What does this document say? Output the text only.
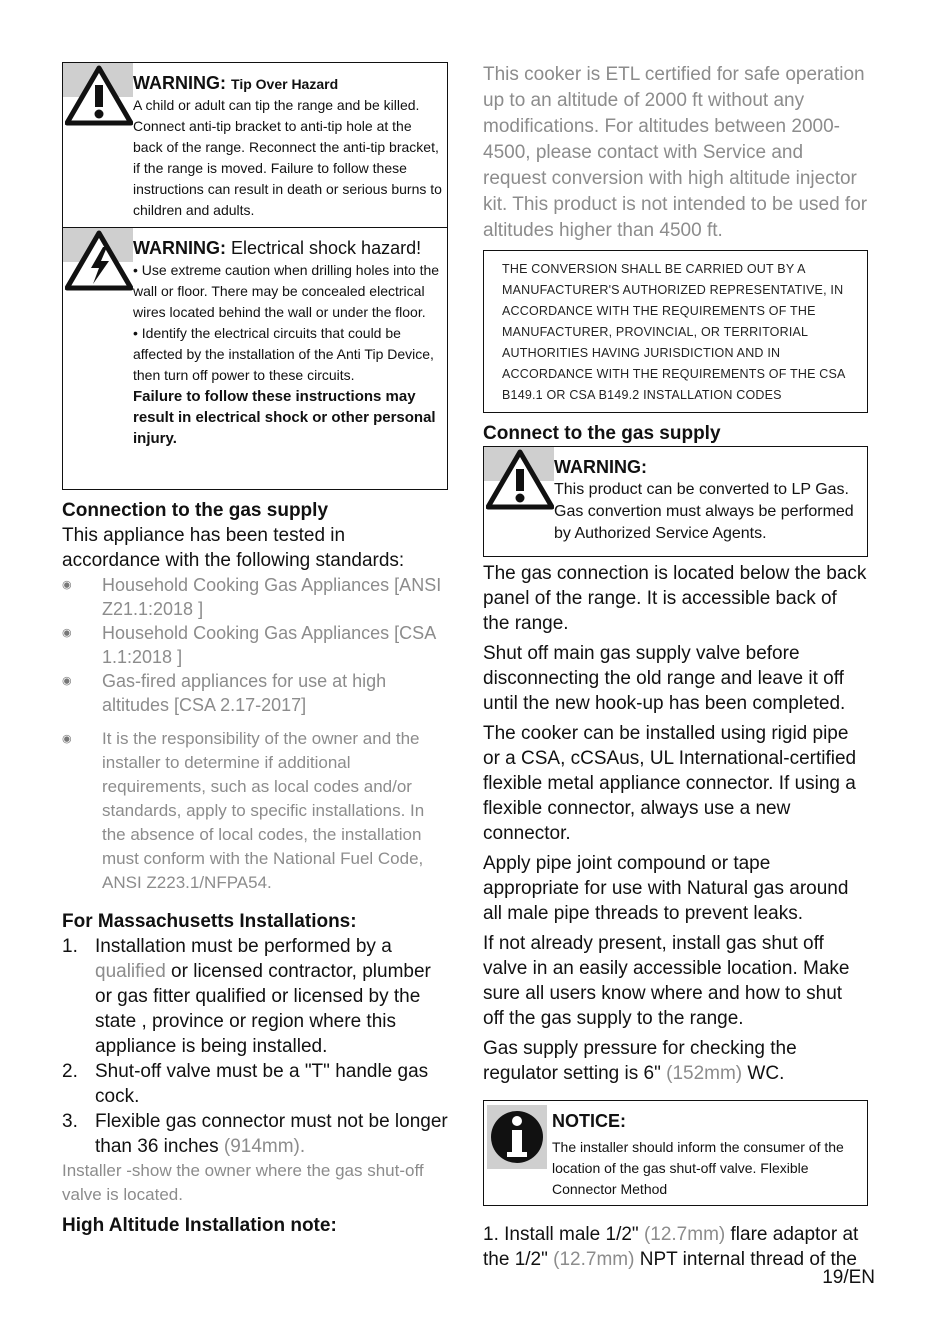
WARNING: Tip Over Hazard

A child or adult can tip the range and be killed. Connect anti-tip bracket to anti-tip hole at the back of the range. Reconnect the anti-tip bracket, if the range is moved. Failure to follow these instructions can result in death or serious burns to children and adults.

WARNING: Electrical shock hazard!

• Use extreme caution when drilling holes into the wall or floor. There may be concealed electrical wires located behind the wall or under the floor.

• Identify the electrical circuits that could be affected by the installation of the Anti Tip Device, then turn off power to these circuits.

Failure to follow these instructions may result in electrical shock or other personal injury.

Connection to the gas supply

This appliance has been tested in accordance with the following standards:

◉ Household Cooking Gas Appliances [ANSI Z21.1:2018 ]
◉ Household Cooking Gas Appliances [CSA 1.1:2018 ]
◉ Gas-fired appliances for use at high altitudes [CSA 2.17-2017]
◉ It is the responsibility of the owner and the installer to determine if additional requirements, such as local codes and/or standards, apply to specific installations. In the absence of local codes, the installation must conform with the National Fuel Code, ANSI Z223.1/NFPA54.
For Massachusetts Installations:
1. Installation must be performed by a qualified or licensed contractor, plumber or gas fitter qualified or licensed by the state , province or region where this appliance is being installed.
2. Shut-off valve must be a "T" handle gas cock.
3. Flexible gas connector must not be longer than 36 inches (914mm).

Installer -show the owner where the gas shut-off valve is located.

High Altitude Installation note:

This cooker is ETL certified for safe operation up to an altitude of 2000 ft without any modifications. For altitudes between 2000-4500, please contact with Service and request conversion with high altitude injector kit. This product is not intended to be used for altitudes higher than 4500 ft.

THE CONVERSION SHALL BE CARRIED OUT BY A MANUFACTURER'S AUTHORIZED REPRESENTATIVE, IN ACCORDANCE WITH THE REQUIREMENTS OF THE MANUFACTURER, PROVINCIAL, OR TERRITORIAL AUTHORITIES HAVING JURISDICTION AND IN ACCORDANCE WITH THE REQUIREMENTS OF THE CSA B149.1 OR CSA B149.2 INSTALLATION CODES
Connect to the gas supply
WARNING:

This product can be converted to LP Gas. Gas convertion must always be performed by Authorized Service Agents.

The gas connection is located below the back panel of the range. It is accessible back of the range.

Shut off main gas supply valve before disconnecting the old range and leave it off until the new hook-up has been completed.

The cooker can be installed using rigid pipe or a CSA, cCSAus, UL International-certified flexible metal appliance connector. If using a flexible connector, always use a new connector.

Apply pipe joint compound or tape appropriate for use with Natural gas around all male pipe threads to prevent leaks.

If not already present, install gas shut off valve in an easily accessible location. Make sure all users know where and how to shut off the gas supply to the range.

Gas supply pressure for checking the regulator setting is 6" (152mm) WC.

NOTICE:
The installer should inform the consumer of the location of the gas shut-off valve. Flexible Connector Method

1. Install male 1/2" (12.7mm) flare adaptor at the 1/2" (12.7mm) NPT internal thread of the

19/EN
